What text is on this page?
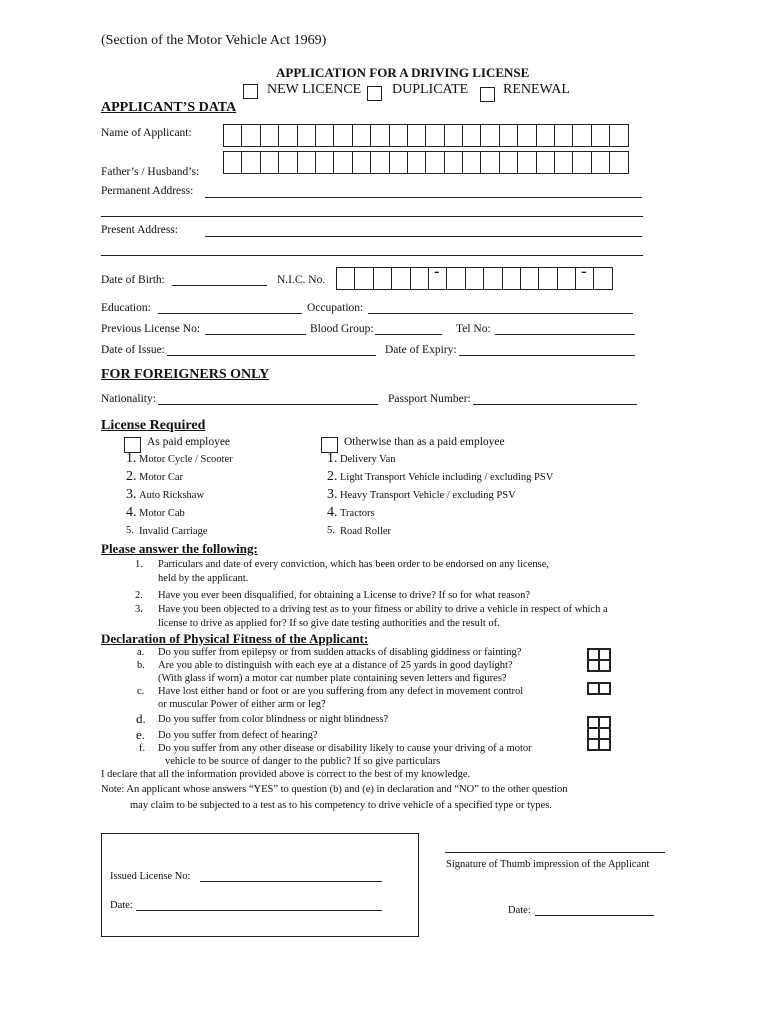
(Section of the Motor Vehicle Act 1969)
APPLICATION FOR A DRIVING LICENSE
NEW LICENCE DUPLICATE RENEWAL
APPLICANT’S DATA
Name of Applicant:
Father’s / Husband’s:
Permanent Address:
Present Address:
Date of Birth:	N.I.C. No.
-
-
Education:	Occupation:
Previous License No:	Blood Group:	Tel No:
Date of Issue:	Date of Expiry:
FOR FOREIGNERS ONLY
Nationality:	Passport Number:
License Required
As paid employee	Otherwise than as a paid employee
1. Motor Cycle / Scooter
2. Motor Car
3. Auto Rickshaw
4. Motor Cab
5. Invalid Carriage
1. Delivery Van
2. Light Transport Vehicle including / excluding PSV
3. Heavy Transport Vehicle / excluding PSV
4. Tractors
5. Road Roller
Please answer the following:
1. Particulars and date of every conviction, which has been order to be endorsed on any license,
held by the applicant.
2. Have you ever been disqualified, for obtaining a License to drive? If so for what reason?
3. Have you been objected to a driving test as to your fitness or ability to drive a vehicle in respect of which a
license to drive as applied for? If so give date testing authorities and the result of.
Declaration of Physical Fitness of the Applicant:
a. Do you suffer from epilepsy or from sudden attacks of disabling giddiness or fainting?
b. Are you able to distinguish with each eye at a distance of 25 yards in good daylight?
(With glass if worn) a motor car number plate containing seven letters and figures?
c. Have lost either hand or foot or are you suffering from any defect in movement control
or muscular Power of either arm or leg?
d. Do you suffer from color blindness or night blindness?
e. Do you suffer from defect of hearing?
f. Do you suffer from any other disease or disability likely to cause your driving of a motor
vehicle to be source of danger to the public? If so give particulars
I declare that all the information provided above is correct to the best of my knowledge.
Note: An applicant whose answers “YES” to question (b) and (e) in declaration and “NO” to the other question
may claim to be subjected to a test as to his competency to drive vehicle of a specified type or types.
Issued License No:
Date:
Signature of Thumb impression of the Applicant
Date:
